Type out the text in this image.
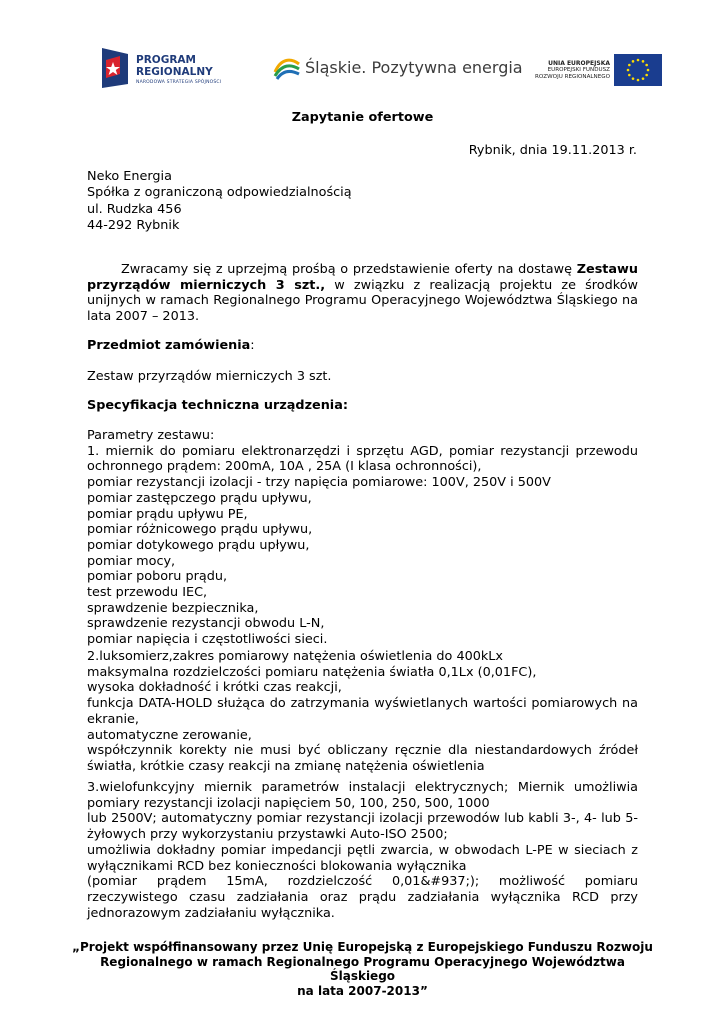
PROGRAM
REGIONALNY
NARODOWA STRATEGIA SPÓJNOŚCI
Śląskie. Pozytywna energia	UNIA EUROPEJSKA
EUROPEJSKI FUNDUSZ
ROZWOJU REGIONALNEGO
Zapytanie ofertowe
Rybnik, dnia 19.11.2013 r.
Neko Energia
Spółka z ograniczoną odpowiedzialnością
ul. Rudzka 456
44-292 Rybnik
Zwracamy się z uprzejmą prośbą o przedstawienie oferty na dostawę Zestawu przyrządów mierniczych 3 szt., w związku z realizacją projektu ze środków unijnych w ramach Regionalnego Programu Operacyjnego Województwa Śląskiego na lata 2007 – 2013.
Przedmiot zamówienia:
Zestaw przyrządów mierniczych 3 szt.
Specyfikacja techniczna urządzenia:
Parametry zestawu:
1. miernik do pomiaru elektronarzędzi i sprzętu AGD, pomiar rezystancji przewodu ochronnego prądem: 200mA, 10A , 25A (I klasa ochronności),
pomiar rezystancji izolacji - trzy napięcia pomiarowe: 100V, 250V i 500V
pomiar zastępczego prądu upływu,
pomiar prądu upływu PE,
pomiar różnicowego prądu upływu,
pomiar dotykowego prądu upływu,
pomiar mocy,
pomiar poboru prądu,
test przewodu IEC,
sprawdzenie bezpiecznika,
sprawdzenie rezystancji obwodu L-N,
pomiar napięcia i częstotliwości sieci.
2.luksomierz,zakres pomiarowy natężenia oświetlenia do 400kLx
maksymalna rozdzielczości pomiaru natężenia światła 0,1Lx (0,01FC),
wysoka dokładność i krótki czas reakcji,
funkcja DATA-HOLD służąca do zatrzymania wyświetlanych wartości pomiarowych na ekranie,
automatyczne zerowanie,
współczynnik korekty nie musi być obliczany ręcznie dla niestandardowych źródeł światła, krótkie czasy reakcji na zmianę natężenia oświetlenia
3.wielofunkcyjny miernik parametrów instalacji elektrycznych; Miernik umożliwia pomiary rezystancji izolacji napięciem 50, 100, 250, 500, 1000
lub 2500V; automatyczny pomiar rezystancji izolacji przewodów lub kabli 3-, 4- lub 5-żyłowych przy wykorzystaniu przystawki Auto-ISO 2500;
umożliwia dokładny pomiar impedancji pętli zwarcia, w obwodach L-PE w sieciach z wyłącznikami RCD bez konieczności blokowania wyłącznika
(pomiar prądem 15mA, rozdzielczość 0,01&#937;); możliwość pomiaru rzeczywistego czasu zadziałania oraz prądu zadziałania wyłącznika RCD przy jednorazowym zadziałaniu wyłącznika.
„Projekt współfinansowany przez Unię Europejską z Europejskiego Funduszu Rozwoju
Regionalnego w ramach Regionalnego Programu Operacyjnego Województwa Śląskiego
na lata 2007-2013”
